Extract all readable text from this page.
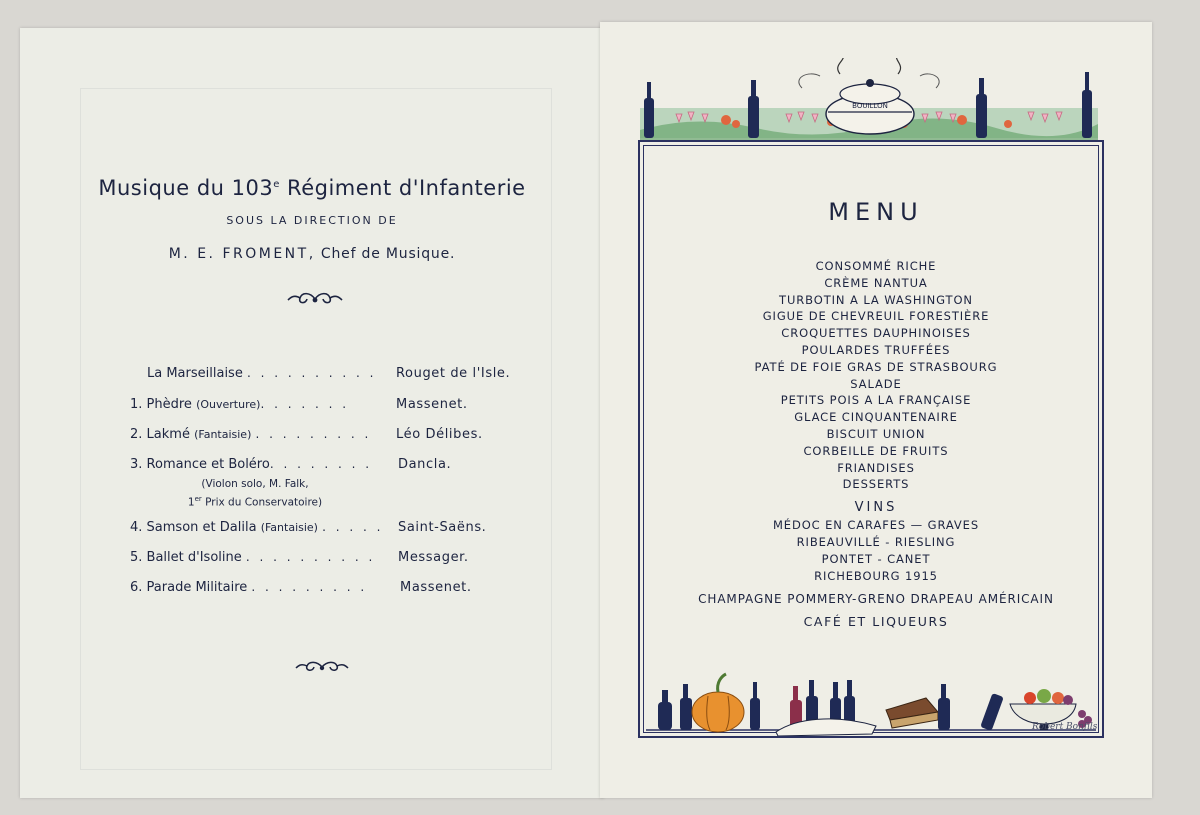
Musique du 103e Régiment d'Infanterie
SOUS LA DIRECTION DE
M. E. FROMENT, Chef de Musique.
La Marseillaise . . . . . . . . . . Rouget de l'Isle.
1. Phèdre (Ouverture). . . . . . .	Massenet.
2. Lakmé (Fantaisie) . . . . . . . . . Léo Délibes.
3. Romance et Boléro. . . . . . . . Dancla.
(Violon solo, M. Falk,
1er Prix du Conservatoire)
4. Samson et Dalila (Fantaisie) . . . . . Saint-Saëns.
5. Ballet d'Isoline . . . . . . . . . . Messager.
6. Parade Militaire . . . . . . . . .	Massenet.
BOUILLON
MENU
CONSOMMÉ RICHE
CRÈME NANTUA
TURBOTIN A LA WASHINGTON
GIGUE DE CHEVREUIL FORESTIÈRE
CROQUETTES DAUPHINOISES
POULARDES TRUFFÉES
PATÉ DE FOIE GRAS DE STRASBOURG
SALADE
PETITS POIS A LA FRANÇAISE
GLACE CINQUANTENAIRE
BISCUIT UNION
CORBEILLE DE FRUITS
FRIANDISES
DESSERTS
VINS
MÉDOC EN CARAFES — GRAVES
RIBEAUVILLÉ - RIESLING
PONTET - CANET
RICHEBOURG 1915
CHAMPAGNE POMMERY-GRENO DRAPEAU AMÉRICAIN
CAFÉ ET LIQUEURS
Robert Bonfils
